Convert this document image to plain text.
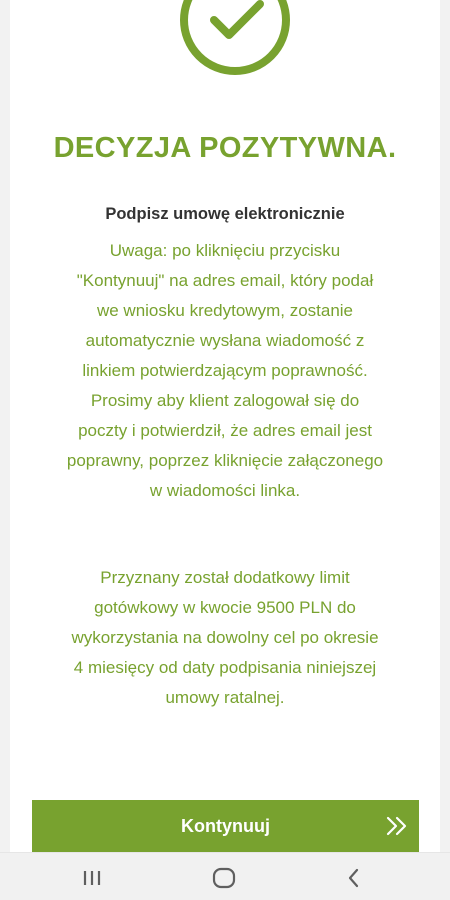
DECYZJA POZYTYWNA.
Podpisz umowę elektronicznie
Uwaga: po kliknięciu przycisku
"Kontynuuj" na adres email, który podał
we wniosku kredytowym, zostanie
automatycznie wysłana wiadomość z
linkiem potwierdzającym poprawność.
Prosimy aby klient zalogował się do
poczty i potwierdził, że adres email jest
poprawny, poprzez kliknięcie załączonego
w wiadomości linka.
Przyznany został dodatkowy limit
gotówkowy w kwocie 9500 PLN do
wykorzystania na dowolny cel po okresie
4 miesięcy od daty podpisania niniejszej
umowy ratalnej.
Kontynuuj
